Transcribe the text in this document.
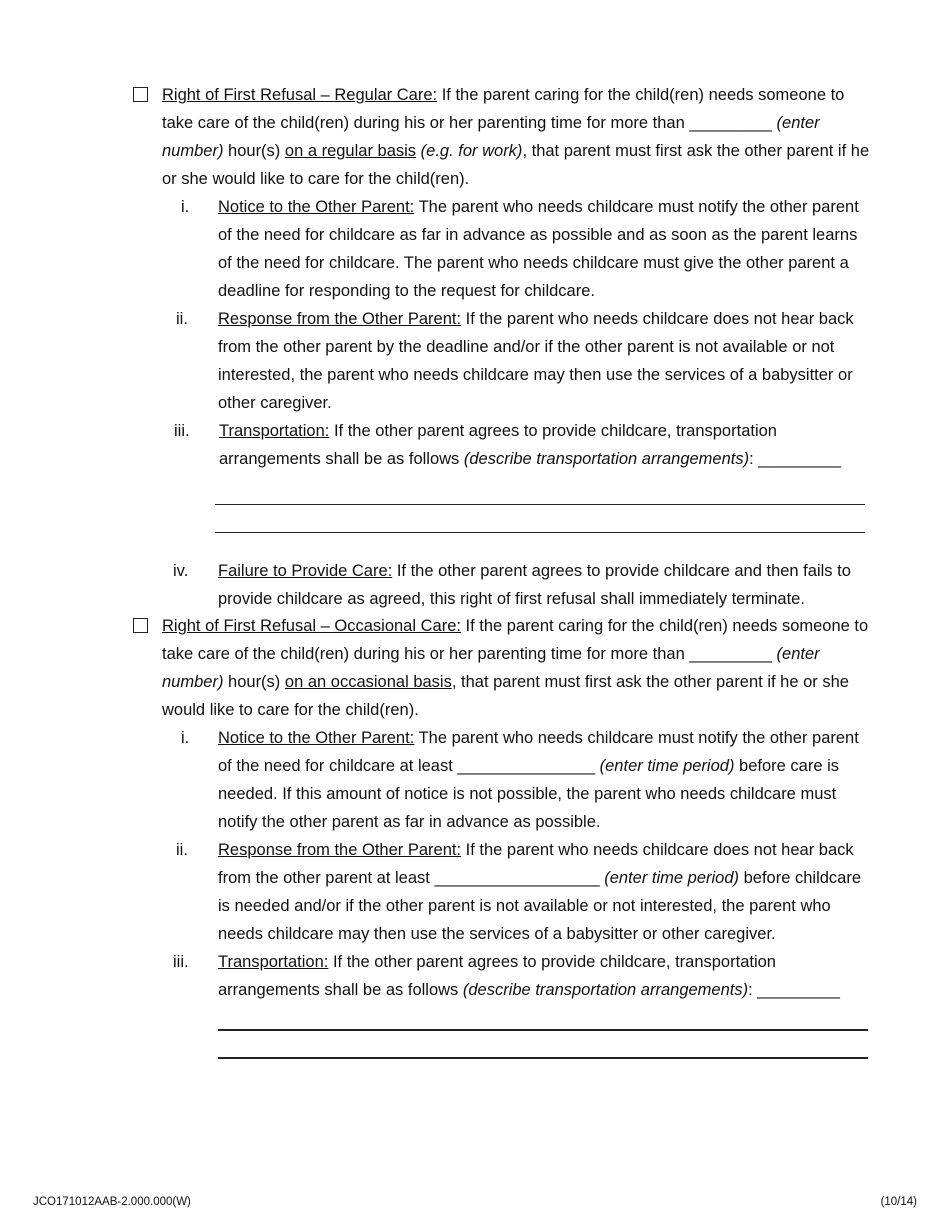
Right of First Refusal – Regular Care: If the parent caring for the child(ren) needs someone to take care of the child(ren) during his or her parenting time for more than _________ (enter number) hour(s) on a regular basis (e.g. for work), that parent must first ask the other parent if he or she would like to care for the child(ren).
i.	Notice to the Other Parent: The parent who needs childcare must notify the other parent of the need for childcare as far in advance as possible and as soon as the parent learns of the need for childcare. The parent who needs childcare must give the other parent a deadline for responding to the request for childcare.
ii.	Response from the Other Parent: If the parent who needs childcare does not hear back from the other parent by the deadline and/or if the other parent is not available or not interested, the parent who needs childcare may then use the services of a babysitter or other caregiver.
iii.	Transportation: If the other parent agrees to provide childcare, transportation arrangements shall be as follows (describe transportation arrangements): _________
iv.	Failure to Provide Care: If the other parent agrees to provide childcare and then fails to provide childcare as agreed, this right of first refusal shall immediately terminate.
Right of First Refusal – Occasional Care: If the parent caring for the child(ren) needs someone to take care of the child(ren) during his or her parenting time for more than _________ (enter number) hour(s) on an occasional basis, that parent must first ask the other parent if he or she would like to care for the child(ren).
i.	Notice to the Other Parent: The parent who needs childcare must notify the other parent of the need for childcare at least _______________ (enter time period) before care is needed. If this amount of notice is not possible, the parent who needs childcare must notify the other parent as far in advance as possible.
ii.	Response from the Other Parent: If the parent who needs childcare does not hear back from the other parent at least __________________ (enter time period) before childcare is needed and/or if the other parent is not available or not interested, the parent who needs childcare may then use the services of a babysitter or other caregiver.
iii.	Transportation: If the other parent agrees to provide childcare, transportation arrangements shall be as follows (describe transportation arrangements): _________
JCO171012AAB-2.000.000(W)	(10/14)
